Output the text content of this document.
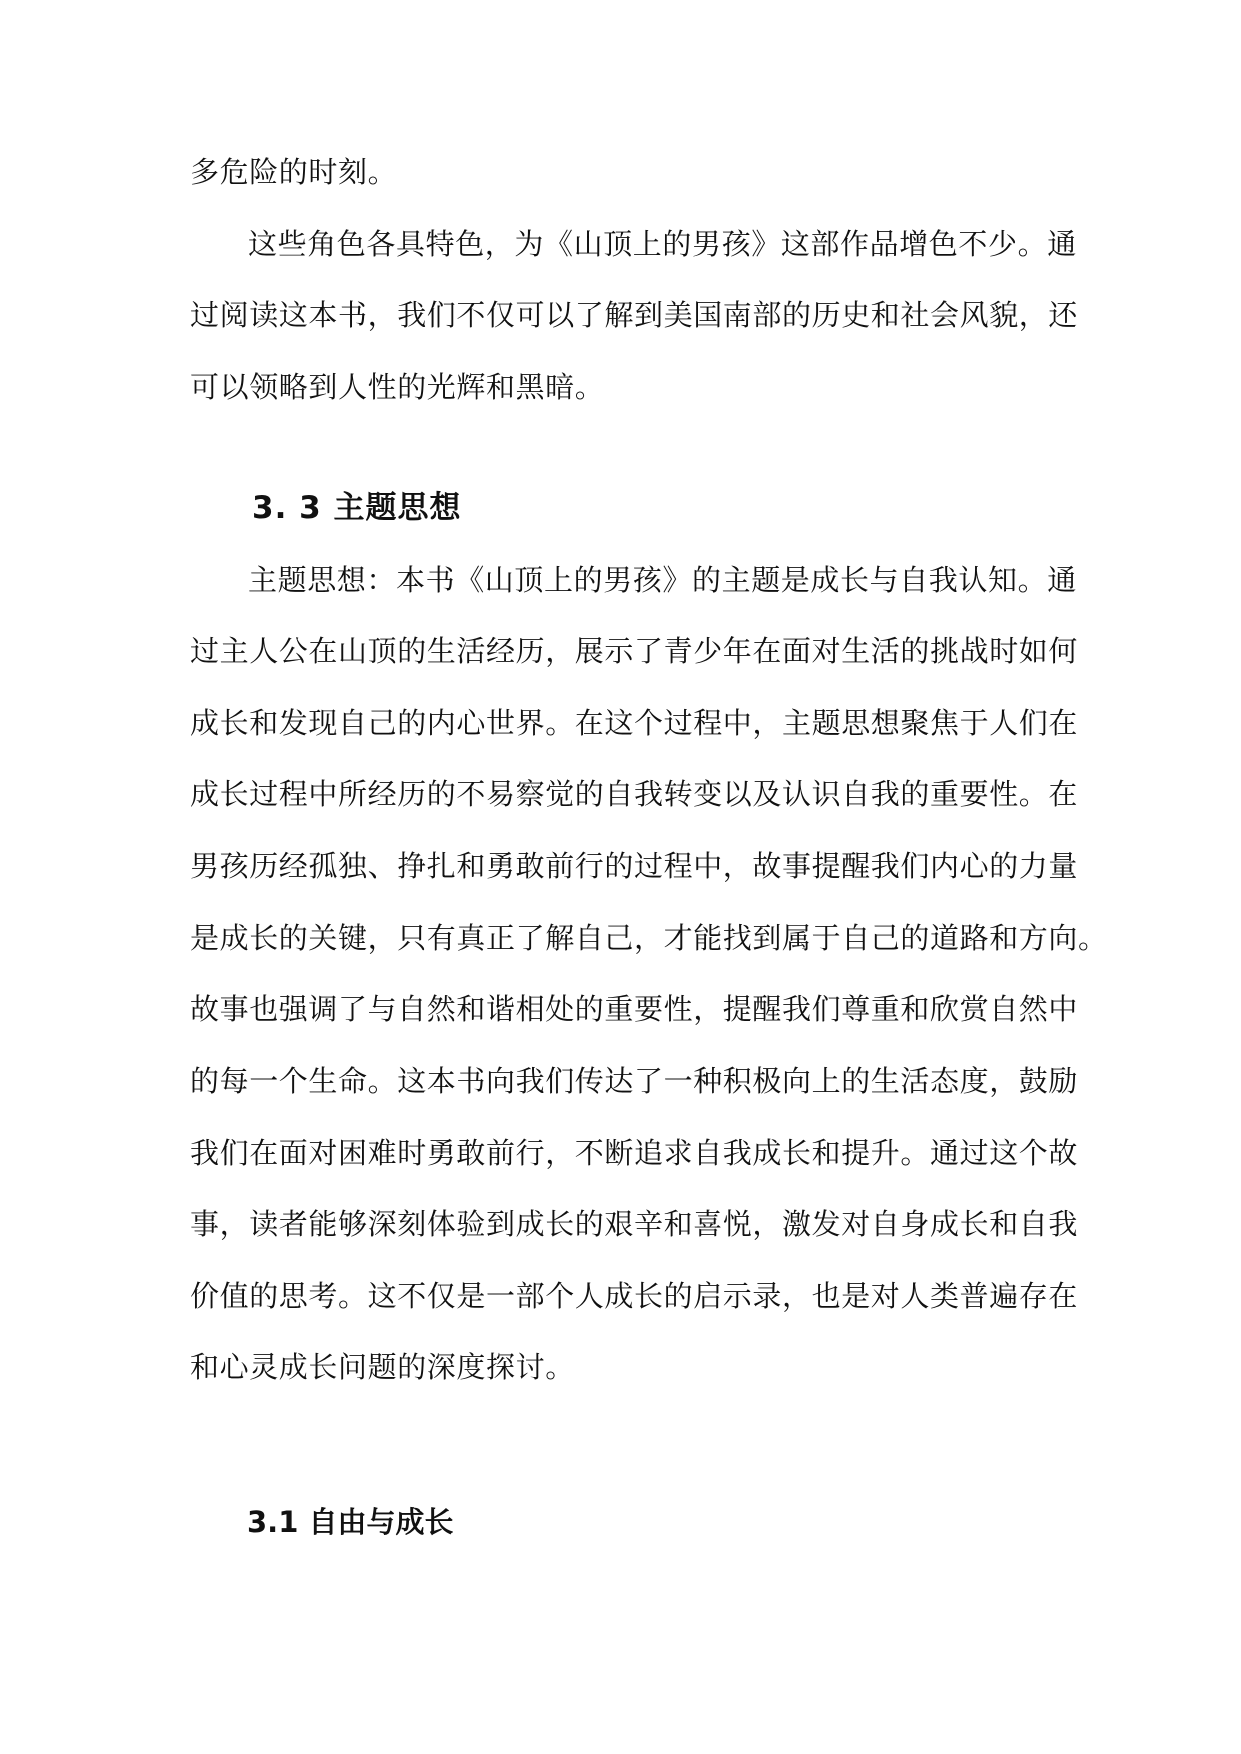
多危险的时刻。
这些角色各具特色，为《山顶上的男孩》这部作品增色不少。通
过阅读这本书，我们不仅可以了解到美国南部的历史和社会风貌，还
可以领略到人性的光辉和黑暗。
3. 3 主题思想
主题思想：本书《山顶上的男孩》的主题是成长与自我认知。通
过主人公在山顶的生活经历，展示了青少年在面对生活的挑战时如何
成长和发现自己的内心世界。在这个过程中，主题思想聚焦于人们在
成长过程中所经历的不易察觉的自我转变以及认识自我的重要性。在
男孩历经孤独、挣扎和勇敢前行的过程中，故事提醒我们内心的力量
是成长的关键，只有真正了解自己，才能找到属于自己的道路和方向。
故事也强调了与自然和谐相处的重要性，提醒我们尊重和欣赏自然中
的每一个生命。这本书向我们传达了一种积极向上的生活态度，鼓励
我们在面对困难时勇敢前行，不断追求自我成长和提升。通过这个故
事，读者能够深刻体验到成长的艰辛和喜悦，激发对自身成长和自我
价值的思考。这不仅是一部个人成长的启示录，也是对人类普遍存在
和心灵成长问题的深度探讨。
3.1 自由与成长
